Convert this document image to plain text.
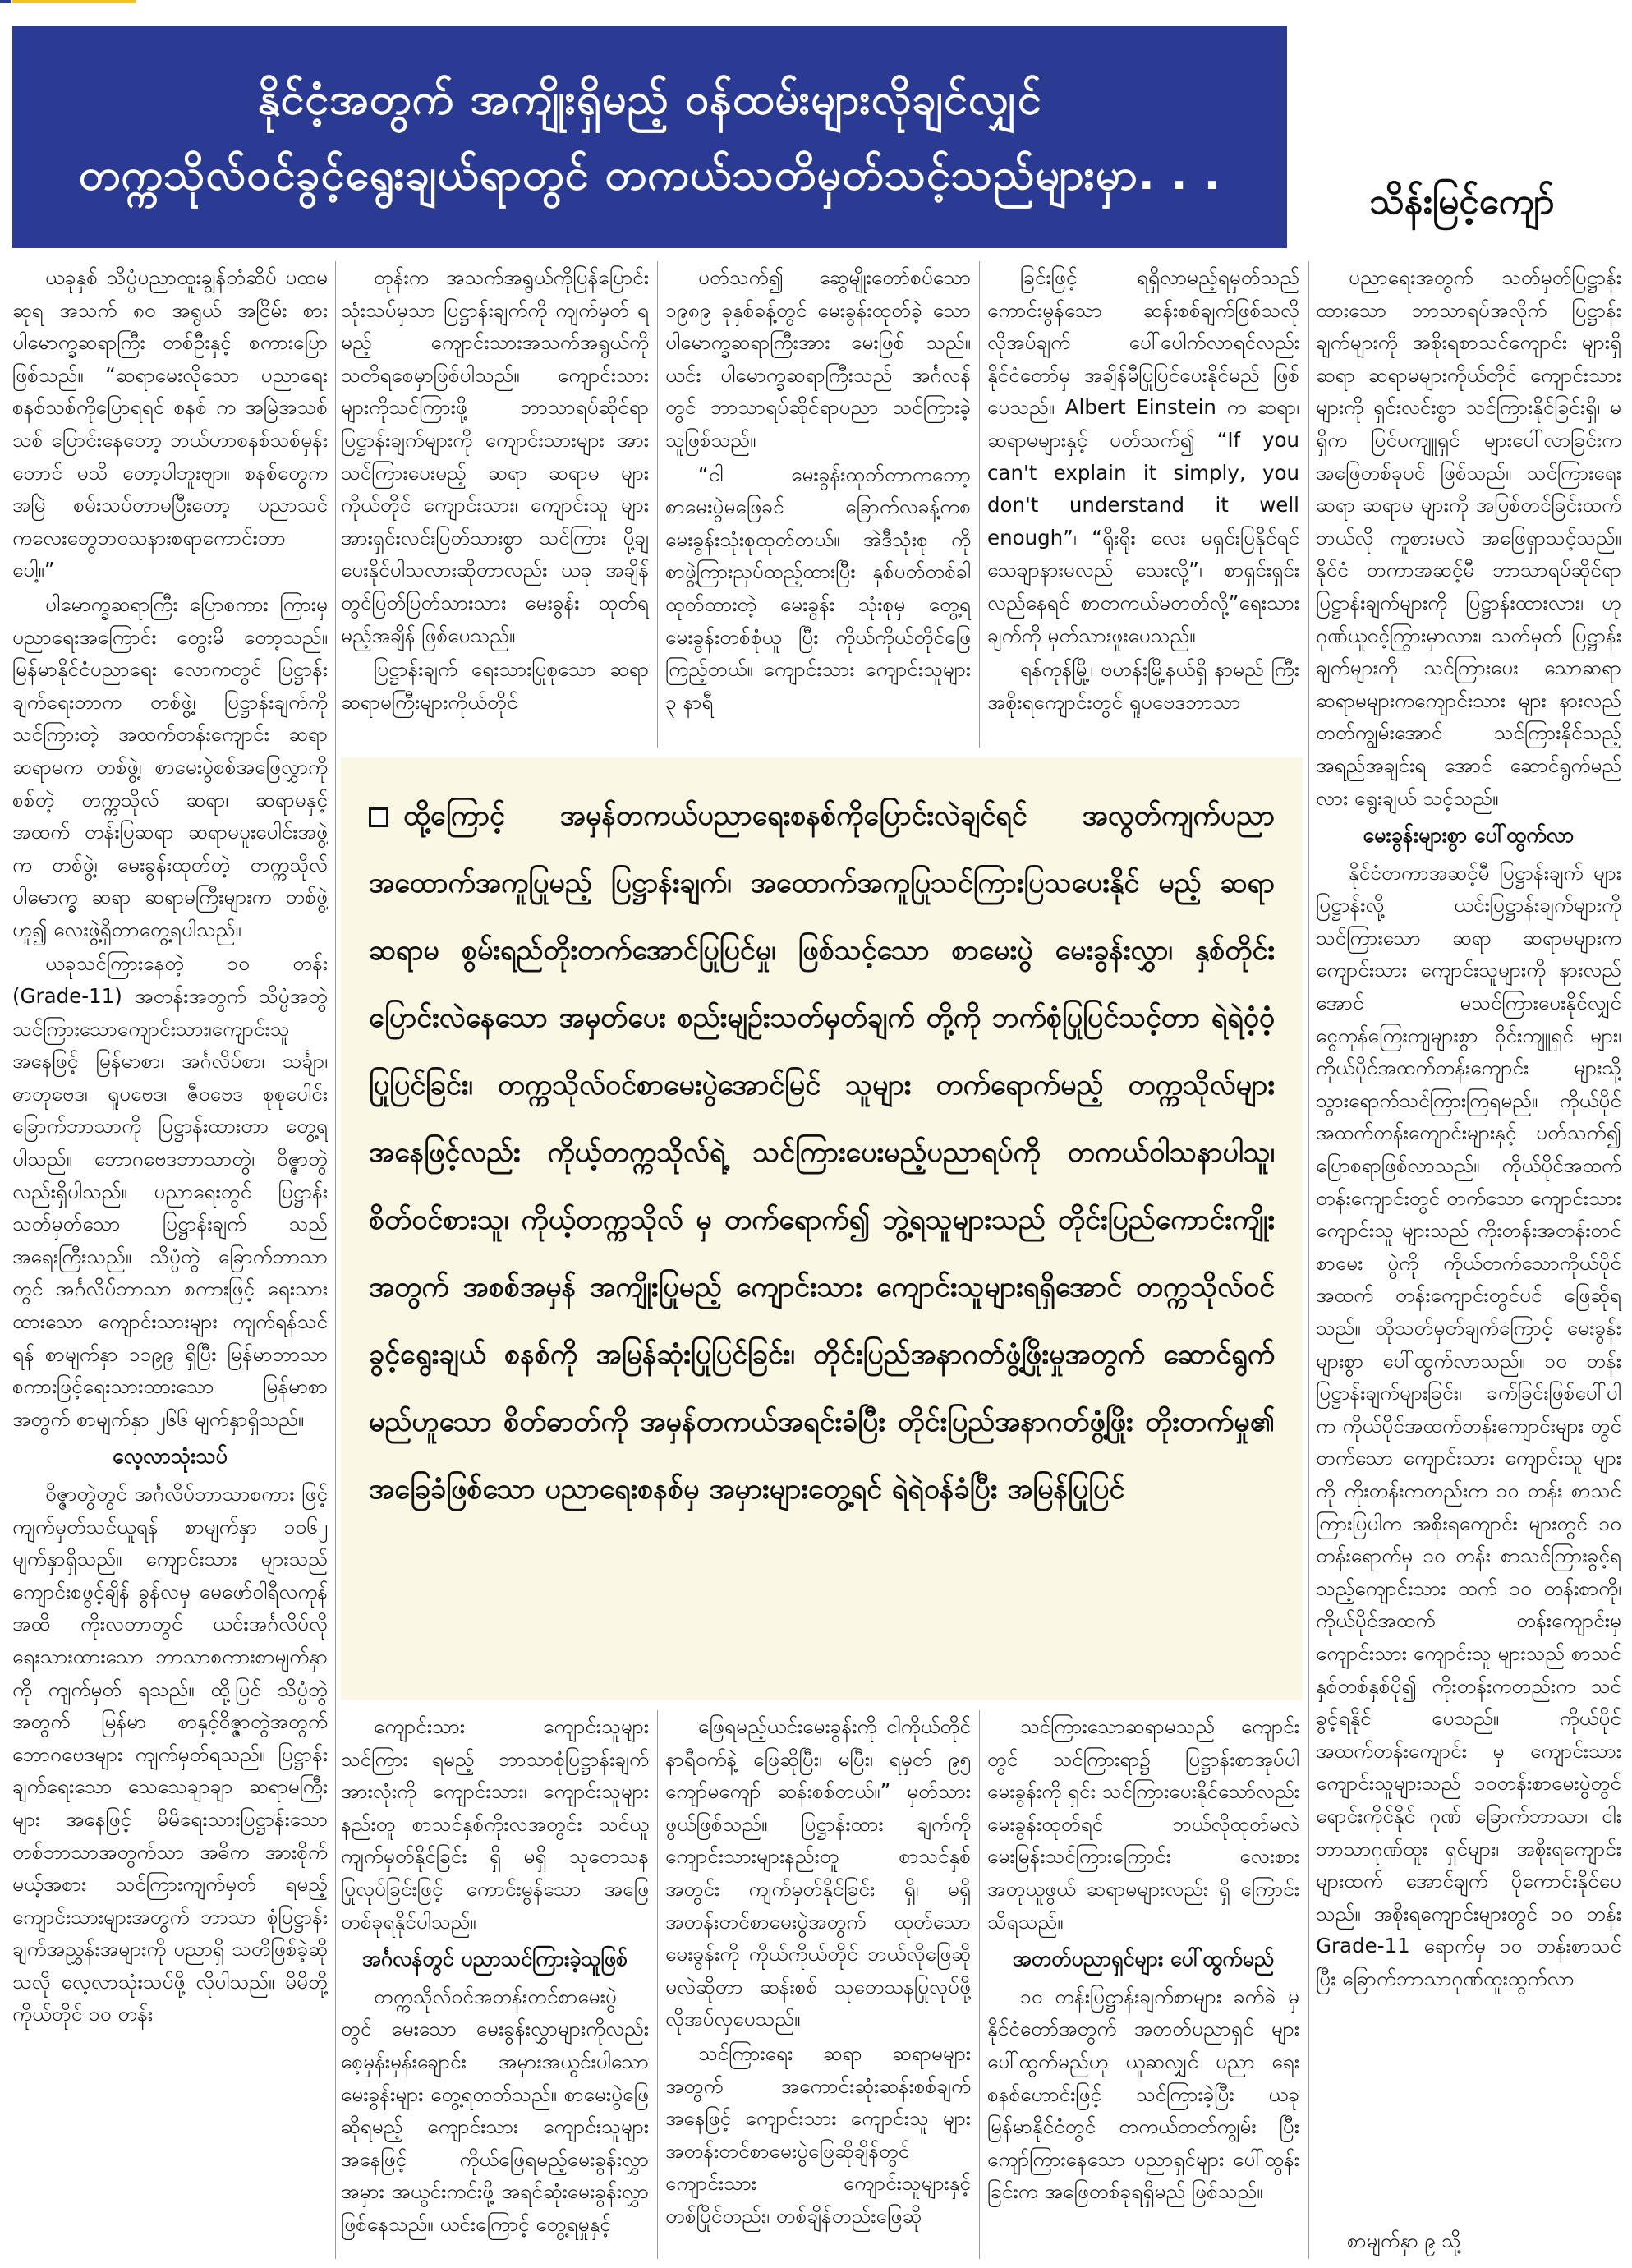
နိုင်ငံ့အတွက် အကျိုးရှိမည့် ဝန်ထမ်းများလိုချင်လျှင်
တက္ကသိုလ်ဝင်ခွင့်ရွေးချယ်ရာတွင် တကယ်သတိမှတ်သင့်သည်များမှာ. . .
သိန်းမြင့်ကျော်

ယခုနှစ် သိပ္ပံပညာထူးချွန်တံဆိပ် ပထမဆုရ အသက် ၈၀ အရွယ် အငြိမ်း စားပါမောက္ခဆရာကြီး တစ်ဦးနှင့် စကားပြောဖြစ်သည်။ “ဆရာမေးလိုသော ပညာရေးစနစ်သစ်ကိုပြောရရင် စနစ် က အမြဲအသစ်သစ် ပြောင်းနေတော့ ဘယ်ဟာစနစ်သစ်မှန်းတောင် မသိ တော့ပါဘူးဗျာ။ စနစ်တွေက အမြဲ စမ်းသပ်တာမပြီးတော့ ပညာသင် ကလေးတွေဘဝသနားစရာကောင်းတာ ပေါ့။”

ပါမောက္ခဆရာကြီး ပြောစကား ကြားမှ ပညာရေးအကြောင်း တွေးမိ တော့သည်။ မြန်မာနိုင်ငံပညာရေး လောကတွင် ပြဋ္ဌာန်းချက်ရေးတာက တစ်ဖွဲ့၊ ပြဋ္ဌာန်းချက်ကိုသင်ကြားတဲ့ အထက်တန်းကျောင်း ဆရာ ဆရာမက တစ်ဖွဲ့၊ စာမေးပွဲစစ်အဖြေလွှာကိုစစ်တဲ့ တက္ကသိုလ် ဆရာ၊ ဆရာမနှင့် အထက် တန်းပြဆရာ ဆရာမပူးပေါင်းအဖွဲ့က တစ်ဖွဲ့၊ မေးခွန်းထုတ်တဲ့ တက္ကသိုလ် ပါမောက္ခ ဆရာ ဆရာမကြီးများက တစ်ဖွဲ့ဟူ၍ လေးဖွဲ့ရှိတာတွေ့ရပါသည်။

ယခုသင်ကြားနေတဲ့ ၁၀ တန်း (Grade-11) အတန်းအတွက် သိပ္ပံအတွဲ သင်ကြားသောကျောင်းသား၊ကျောင်းသူ အနေဖြင့် မြန်မာစာ၊ အင်္ဂလိပ်စာ၊ သင်္ချာ၊ ဓာတုဗေဒ၊ ရူပဗေဒ၊ ဇီဝဗေဒ စုစုပေါင်း ခြောက်ဘာသာကို ပြဋ္ဌာန်းထားတာ တွေ့ရပါသည်။ ဘောဂဗေဒဘာသာတွဲ၊ ဝိဇ္ဇာတွဲလည်းရှိပါသည်။ ပညာရေးတွင် ပြဋ္ဌာန်းသတ်မှတ်သော ပြဋ္ဌာန်းချက် သည် အရေးကြီးသည်။ သိပ္ပံတွဲ ခြောက်ဘာသာတွင် အင်္ဂလိပ်ဘာသာ စကားဖြင့် ရေးသားထားသော ကျောင်းသားများ ကျက်ရန်သင်ရန် စာမျက်နှာ ၁၁၉၉ ရှိပြီး မြန်မာဘာသာ စကားဖြင့်ရေးသားထားသော မြန်မာစာ အတွက် စာမျက်နှာ ၂၆၆ မျက်နှာရှိသည်။

လေ့လာသုံးသပ်

ဝိဇ္ဇာတွဲတွင် အင်္ဂလိပ်ဘာသာစကား ဖြင့် ကျက်မှတ်သင်ယူရန် စာမျက်နှာ ၁၀၆၂ မျက်နှာရှိသည်။ ကျောင်းသား များသည် ကျောင်းစဖွင့်ချိန် ခွန်လမှ မေဖော်ဝါရီလကုန်အထိ ကိုးလတာတွင် ယင်းအင်္ဂလိပ်လို ရေးသားထားသော ဘာသာစကားစာမျက်နှာကို ကျက်မှတ် ရသည်။ ထို့ပြင် သိပ္ပံတွဲအတွက် မြန်မာ စာနှင့်ဝိဇ္ဇာတွဲအတွက် ဘောဂဗေဒများ ကျက်မှတ်ရသည်။ ပြဋ္ဌာန်းချက်ရေးသော သေသေချာချာ ဆရာမကြီးများ အနေဖြင့် မိမိရေးသားပြဋ္ဌာန်းသော တစ်ဘာသာအတွက်သာ အဓိက အားစိုက်မယ့်အစား သင်ကြားကျက်မှတ် ရမည့်ကျောင်းသားများအတွက် ဘာသာ စုံပြဋ္ဌာန်းချက်အညွှန်းအများကို ပညာရှိ သတိဖြစ်ခဲ့ဆိုသလို လေ့လာသုံးသပ်ဖို့ လိုပါသည်။ မိမိတို့ကိုယ်တိုင် ၁၀ တန်း

တုန်းက အသက်အရွယ်ကိုပြန်ပြောင်း သုံးသပ်မှသာ ပြဋ္ဌာန်းချက်ကို ကျက်မှတ် ရမည့် ကျောင်းသားအသက်အရွယ်ကို သတိရစေမှာဖြစ်ပါသည်။ ကျောင်းသား များကိုသင်ကြားဖို့ ဘာသာရပ်ဆိုင်ရာ ပြဋ္ဌာန်းချက်များကို ကျောင်းသားများ အား သင်ကြားပေးမည့် ဆရာ ဆရာမ များကိုယ်တိုင် ကျောင်းသား၊ ကျောင်းသူ များအားရှင်းလင်းပြတ်သားစွာ သင်ကြား ပို့ချပေးနိုင်ပါသလားဆိုတာလည်း ယခု အချိန်တွင်ပြတ်ပြတ်သားသား မေးခွန်း ထုတ်ရမည့်အချိန် ဖြစ်ပေသည်။

ပြဋ္ဌာန်းချက် ရေးသားပြုစုသော ဆရာ ဆရာမကြီးများကိုယ်တိုင်

ပတ်သက်၍ ဆွေမျိုးတော်စပ်သော ၁၉၈၉ ခုနှစ်ခန့်တွင် မေးခွန်းထုတ်ခဲ့ သောပါမောက္ခဆရာကြီးအား မေးဖြစ် သည်။ ယင်း ပါမောက္ခဆရာကြီးသည် အင်္ဂလန်တွင် ဘာသာရပ်ဆိုင်ရာပညာ သင်ကြားခဲ့သူဖြစ်သည်။

“ငါ မေးခွန်းထုတ်တာကတော့ စာမေးပွဲမဖြေခင် ခြောက်လခန့်ကစ မေးခွန်းသုံးစုထုတ်တယ်။ အဲဒီသုံးစု ကို စာဖွဲ့ကြားညှပ်ထည့်ထားပြီး နှစ်ပတ်တစ်ခါ ထုတ်ထားတဲ့ မေးခွန်း သုံးစုမှ တွေ့ရ မေးခွန်းတစ်စုံယူ ပြီး ကိုယ်ကိုယ်တိုင်ဖြေကြည့်တယ်။ ကျောင်းသား ကျောင်းသူများ ၃ နာရီ

ခြင်းဖြင့် ရရှိလာမည့်ရမှတ်သည် ကောင်းမွန်သော ဆန်းစစ်ချက်ဖြစ်သလို လိုအပ်ချက် ပေါ်ပေါက်လာရင်လည်း နိုင်ငံတော်မှ အချိန်မီပြုပြင်ပေးနိုင်မည် ဖြစ်ပေသည်။ Albert Einstein က ဆရာ၊ ဆရာမများနှင့် ပတ်သက်၍ “If you can't explain it simply, you don't understand it well enough”၊ “ရိုးရိုး လေး မရှင်းပြနိုင်ရင် သေချာနားမလည် သေးလို့”၊ စာရှင်းရှင်းလည်နေရင် စာတကယ်မတတ်လို့”ရေးသားချက်ကို မှတ်သားဖူးပေသည်။

ရန်ကုန်မြို့၊ ဗဟန်းမြို့နယ်ရှိ နာမည် ကြီးအစိုးရကျောင်းတွင် ရူပဗေဒဘာသာ

ပညာရေးအတွက် သတ်မှတ်ပြဋ္ဌာန်း ထားသော ဘာသာရပ်အလိုက် ပြဋ္ဌာန်း ချက်များကို အစိုးရစာသင်ကျောင်း များရှိ ဆရာ ဆရာမများကိုယ်တိုင် ကျောင်းသားများကို ရှင်းလင်းစွာ သင်ကြားနိုင်ခြင်းရှိ၊ မရှိက ပြင်ပကျူရှင် များပေါ်လာခြင်းက အဖြေတစ်ခုပင် ဖြစ်သည်။ သင်ကြားရေး ဆရာ ဆရာမ များကို အပြစ်တင်ခြင်းထက် ဘယ်လို ကူစားမလဲ အဖြေရှာသင့်သည်။ နိုင်ငံ တကာအဆင့်မီ ဘာသာရပ်ဆိုင်ရာ ပြဋ္ဌာန်းချက်များကို ပြဋ္ဌာန်းထားလား၊ ဟုဂုဏ်ယူဝင့်ကြွားမှာလား၊ သတ်မှတ် ပြဋ္ဌာန်းချက်များကို သင်ကြားပေး သောဆရာ ဆရာမများကကျောင်းသား များ နားလည်တတ်ကျွမ်းအောင် သင်ကြားနိုင်သည့် အရည်အချင်းရ အောင် ဆောင်ရွက်မည်လား ရွေးချယ် သင့်သည်။

မေးခွန်းများစွာ ပေါ်ထွက်လာ

နိုင်ငံတကာအဆင့်မီ ပြဋ္ဌာန်းချက် များပြဋ္ဌာန်းလို့ ယင်းပြဋ္ဌာန်းချက်များကို သင်ကြားသော ဆရာ ဆရာမများက ကျောင်းသား ကျောင်းသူများကို နားလည်အောင် မသင်ကြားပေးနိုင်လျှင် ငွေကုန်ကြေးကျများစွာ ဝိုင်းကျူရှင် များ၊ ကိုယ်ပိုင်အထက်တန်းကျောင်း များသို့ သွားရောက်သင်ကြားကြရမည်။ ကိုယ်ပိုင် အထက်တန်းကျောင်းများနှင့် ပတ်သက်၍ ပြောစရာဖြစ်လာသည်။ ကိုယ်ပိုင်အထက် တန်းကျောင်းတွင် တက်သော ကျောင်းသား ကျောင်းသူ များသည် ကိုးတန်းအတန်းတင် စာမေး ပွဲကို ကိုယ်တက်သောကိုယ်ပိုင်အထက် တန်းကျောင်းတွင်ပင် ဖြေဆိုရသည်။ ထိုသတ်မှတ်ချက်ကြောင့် မေးခွန်း များစွာ ပေါ်ထွက်လာသည်။ ၁၀ တန်း ပြဋ္ဌာန်းချက်များခြင်း၊ ခက်ခြင်းဖြစ်ပေါ်ပါ က ကိုယ်ပိုင်အထက်တန်းကျောင်းများ တွင်တက်သော ကျောင်းသား ကျောင်းသူ များကို ကိုးတန်းကတည်းက ၁၀ တန်း စာသင်ကြားပြပါက အစိုးရကျောင်း များတွင် ၁၀ တန်းရောက်မှ ၁၀ တန်း စာသင်ကြားခွင့်ရသည့်ကျောင်းသား ထက် ၁၀ တန်းစာကို၊ ကိုယ်ပိုင်အထက် တန်းကျောင်းမှကျောင်းသား ကျောင်းသူ များသည် စာသင်နှစ်တစ်နှစ်ပို၍ ကိုးတန်းကတည်းက သင်ခွင့်ရနိုင် ပေသည်။ ကိုယ်ပိုင်အထက်တန်းကျောင်း မှ ကျောင်းသား ကျောင်းသူများသည် ၁၀တန်းစာမေးပွဲတွင် ရောင်းကိုင်နိုင် ဂုဏ် ခြောက်ဘာသာ၊ ငါးဘာသာဂုဏ်ထူး ရှင်များ၊ အစိုးရကျောင်းများထက် အောင်ချက် ပိုကောင်းနိုင်ပေသည်။ အစိုးရကျောင်းများတွင် ၁၀ တန်း Grade-11 ရောက်မှ ၁၀ တန်းစာသင် ပြီး ခြောက်ဘာသာဂုဏ်ထူးထွက်လာ

ထို့ကြောင့် အမှန်တကယ်ပညာရေးစနစ်ကိုပြောင်းလဲချင်ရင် အလွတ်ကျက်ပညာ အထောက်အကူပြုမည့် ပြဋ္ဌာန်းချက်၊ အထောက်အကူပြုသင်ကြားပြသပေးနိုင် မည့် ဆရာ ဆရာမ စွမ်းရည်တိုးတက်အောင်ပြုပြင်မှု၊ ဖြစ်သင့်သော စာမေးပွဲ မေးခွန်းလွှာ၊ နှစ်တိုင်းပြောင်းလဲနေသော အမှတ်ပေး စည်းမျဉ်းသတ်မှတ်ချက် တို့ကို ဘက်စုံပြုပြင်သင့်တာ ရဲရဲဝံ့ဝံ့ပြုပြင်ခြင်း၊ တက္ကသိုလ်ဝင်စာမေးပွဲအောင်မြင် သူများ တက်ရောက်မည့် တက္ကသိုလ်များအနေဖြင့်လည်း ကိုယ့်တက္ကသိုလ်ရဲ့ သင်ကြားပေးမည့်ပညာရပ်ကို တကယ်ဝါသနာပါသူ၊ စိတ်ဝင်စားသူ၊ ကိုယ့်တက္ကသိုလ် မှ တက်ရောက်၍ ဘွဲ့ရသူများသည် တိုင်းပြည်ကောင်းကျိုးအတွက် အစစ်အမှန် အကျိုးပြုမည့် ကျောင်းသား ကျောင်းသူများရရှိအောင် တက္ကသိုလ်ဝင်ခွင့်ရွေးချယ် စနစ်ကို အမြန်ဆုံးပြုပြင်ခြင်း၊ တိုင်းပြည်အနာဂတ်ဖွံ့ဖြိုးမှုအတွက် ဆောင်ရွက် မည်ဟူသော စိတ်ဓာတ်ကို အမှန်တကယ်အရင်းခံပြီး တိုင်းပြည်အနာဂတ်ဖွံ့ဖြိုး တိုးတက်မှု၏ အခြေခံဖြစ်သော ပညာရေးစနစ်မှ အမှားများတွေ့ရင် ရဲရဲဝန်ခံပြီး အမြန်ပြုပြင်

ကျောင်းသား ကျောင်းသူများ သင်ကြား ရမည့် ဘာသာစုံပြဋ္ဌာန်းချက်အားလုံးကို ကျောင်းသား၊ ကျောင်းသူများနည်းတူ စာသင်နှစ်ကိုးလအတွင်း သင်ယူ ကျက်မှတ်နိုင်ခြင်း ရှိ မရှိ သုတေသန ပြုလုပ်ခြင်းဖြင့် ကောင်းမွန်သော အဖြေ တစ်ခုရနိုင်ပါသည်။

အင်္ဂလန်တွင် ပညာသင်ကြားခဲ့သူဖြစ်

တက္ကသိုလ်ဝင်အတန်းတင်စာမေးပွဲ တွင် မေးသော မေးခွန်းလွှာများကိုလည်း စေ့မှန်းမှန်းချောင်း အမှားအယွင်းပါသော မေးခွန်းများ တွေ့ရတတ်သည်။ စာမေးပွဲဖြေဆိုရမည့် ကျောင်းသား ကျောင်းသူများအနေဖြင့် ကိုယ်ဖြေရမည့်မေးခွန်းလွှာ အမှား အယွင်းကင်းဖို့ အရင်ဆုံးမေးခွန်းလွှာ ဖြစ်နေသည်။ ယင်းကြောင့် တွေ့ရမှုနှင့်

ဖြေရမည့်ယင်းမေးခွန်းကို ငါကိုယ်တိုင် နာရီဝက်နဲ့ ဖြေဆိုပြီး၊ မပြီး၊ ရမှတ် ၉၅ ကျော်မကျော် ဆန်းစစ်တယ်။” မှတ်သားဖွယ်ဖြစ်သည်။ ပြဋ္ဌာန်းထား ချက်ကို ကျောင်းသားများနည်းတူ စာသင်နှစ်အတွင်း ကျက်မှတ်နိုင်ခြင်း ရှိ၊ မရှိ အတန်းတင်စာမေးပွဲအတွက် ထုတ်သောမေးခွန်းကို ကိုယ်ကိုယ်တိုင် ဘယ်လိုဖြေဆိုမလဲဆိုတာ ဆန်းစစ် သုတေသနပြုလုပ်ဖို့ လိုအပ်လှပေသည်။

သင်ကြားရေး ဆရာ ဆရာမများ အတွက် အကောင်းဆုံးဆန်းစစ်ချက် အနေဖြင့် ကျောင်းသား ကျောင်းသူ များ အတန်းတင်စာမေးပွဲဖြေဆိုချိန်တွင် ကျောင်းသား ကျောင်းသူများနှင့် တစ်ပြိုင်တည်း၊ တစ်ချိန်တည်းဖြေဆို

သင်ကြားသောဆရာမသည် ကျောင်း တွင် သင်ကြားရာ၌ ပြဋ္ဌာန်းစာအုပ်ပါ မေးခွန်းကို ရှင်း သင်ကြားပေးနိုင်သော်လည်း မေးခွန်းထုတ်ရင် ဘယ်လိုထုတ်မလဲ မေးမြန်းသင်ကြားကြောင်း လေးစား အတုယူဖွယ် ဆရာမများလည်း ရှိ ကြောင်း သိရသည်။

အတတ်ပညာရှင်များ ပေါ်ထွက်မည်

၁၀ တန်းပြဋ္ဌာန်းချက်စာများ ခက်ခဲ မှ နိုင်ငံတော်အတွက် အတတ်ပညာရှင် များပေါ်ထွက်မည်ဟု ယူဆလျှင် ပညာ ရေးစနစ်ဟောင်းဖြင့် သင်ကြားခဲ့ပြီး ယခုမြန်မာနိုင်ငံတွင် တကယ်တတ်ကျွမ်း ပြီး ကျော်ကြားနေသော ပညာရှင်များ ပေါ်ထွန်းခြင်းက အဖြေတစ်ခုရရှိမည် ဖြစ်သည်။

စာမျက်နှာ ၉ သို့
